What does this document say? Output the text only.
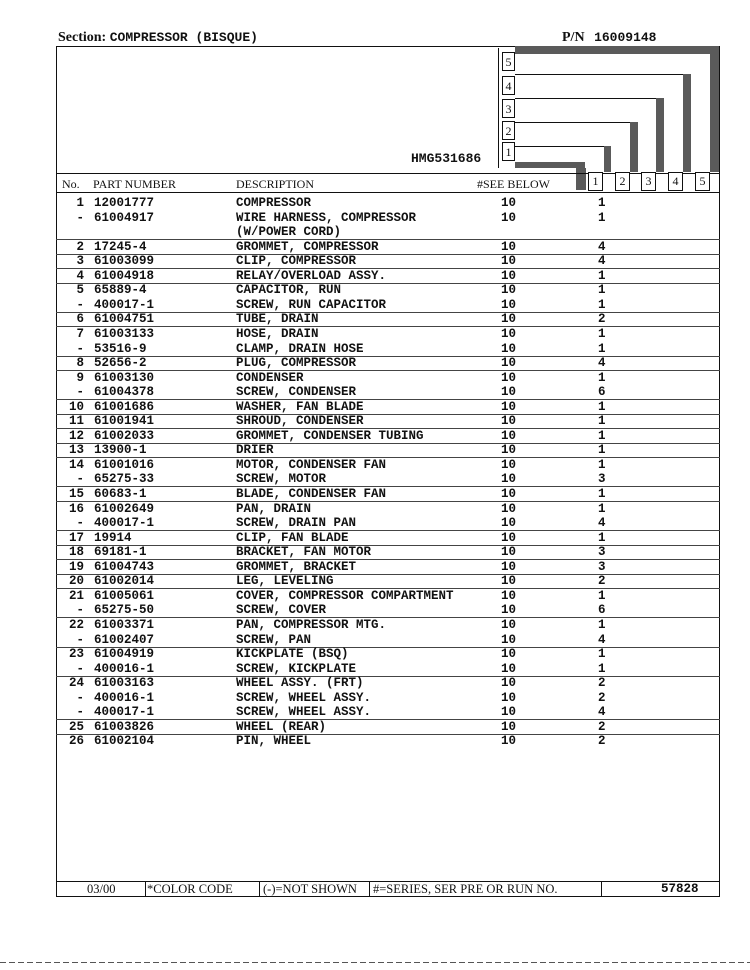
Section: COMPRESSOR (BISQUE)	P/N 16009148
HMG531686
5
4
3
2
1
No. PART NUMBER	DESCRIPTION	#SEE BELOW	1	2	3	4	5
1 12001777	COMPRESSOR	10	1
- 61004917	WIRE HARNESS, COMPRESSOR	10	1
(W/POWER CORD)
2 17245-4	GROMMET, COMPRESSOR	10	4
3 61003099	CLIP, COMPRESSOR	10	4
4 61004918	RELAY/OVERLOAD ASSY.	10	1
5 65889-4	CAPACITOR, RUN	10	1
- 400017-1	SCREW, RUN CAPACITOR	10	1
6 61004751	TUBE, DRAIN	10	2
7 61003133	HOSE, DRAIN	10	1
- 53516-9	CLAMP, DRAIN HOSE	10	1
8 52656-2	PLUG, COMPRESSOR	10	4
9 61003130	CONDENSER	10	1
- 61004378	SCREW, CONDENSER	10	6
10 61001686	WASHER, FAN BLADE	10	1
11 61001941	SHROUD, CONDENSER	10	1
12 61002033	GROMMET, CONDENSER TUBING	10	1
13 13900-1	DRIER	10	1
14 61001016	MOTOR, CONDENSER FAN	10	1
- 65275-33	SCREW, MOTOR	10	3
15 60683-1	BLADE, CONDENSER FAN	10	1
16 61002649	PAN, DRAIN	10	1
- 400017-1	SCREW, DRAIN PAN	10	4
17 19914	CLIP, FAN BLADE	10	1
18 69181-1	BRACKET, FAN MOTOR	10	3
19 61004743	GROMMET, BRACKET	10	3
20 61002014	LEG, LEVELING	10	2
21 61005061	COVER, COMPRESSOR COMPARTMENT	10	1
- 65275-50	SCREW, COVER	10	6
22 61003371	PAN, COMPRESSOR MTG.	10	1
- 61002407	SCREW, PAN	10	4
23 61004919	KICKPLATE (BSQ)	10	1
- 400016-1	SCREW, KICKPLATE	10	1
24 61003163	WHEEL ASSY. (FRT)	10	2
- 400016-1	SCREW, WHEEL ASSY.	10	2
- 400017-1	SCREW, WHEEL ASSY.	10	4
25 61003826	WHEEL (REAR)	10	2
26 61002104	PIN, WHEEL	10	2
03/00	*COLOR CODE (-)=NOT SHOWN #=SERIES, SER PRE OR RUN NO.	57828
